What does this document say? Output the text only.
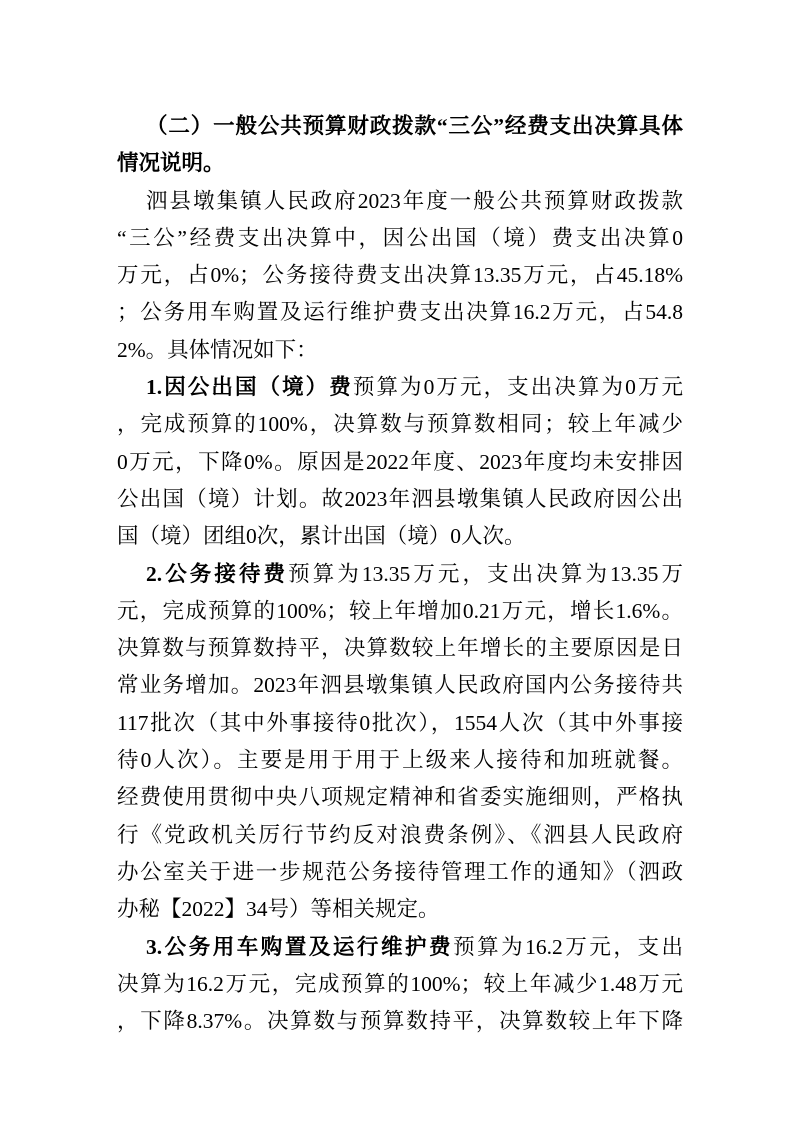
（二）一般公共预算财政拨款“三公”经费支出决算具体
情况说明。
泗县墩集镇人民政府2023年度一般公共预算财政拨款
“三公”经费支出决算中，因公出国（境）费支出决算0
万元，占0%；公务接待费支出决算13.35万元，占45.18%
；公务用车购置及运行维护费支出决算16.2万元，占54.8
2%。具体情况如下：
1.因公出国（境）费预算为0万元，支出决算为0万元
，完成预算的100%，决算数与预算数相同；较上年减少
0万元，下降0%。原因是2022年度、2023年度均未安排因
公出国（境）计划。故2023年泗县墩集镇人民政府因公出
国（境）团组0次，累计出国（境）0人次。
2.公务接待费预算为13.35万元，支出决算为13.35万
元，完成预算的100%；较上年增加0.21万元，增长1.6%。
决算数与预算数持平，决算数较上年增长的主要原因是日
常业务增加。2023年泗县墩集镇人民政府国内公务接待共
117批次（其中外事接待0批次），1554人次（其中外事接
待0人次）。主要是用于用于上级来人接待和加班就餐。
经费使用贯彻中央八项规定精神和省委实施细则，严格执
行《党政机关厉行节约反对浪费条例》、《泗县人民政府
办公室关于进一步规范公务接待管理工作的通知》（泗政
办秘【2022】34号）等相关规定。
3.公务用车购置及运行维护费预算为16.2万元，支出
决算为16.2万元，完成预算的100%；较上年减少1.48万元
，下降8.37%。决算数与预算数持平，决算数较上年下降
